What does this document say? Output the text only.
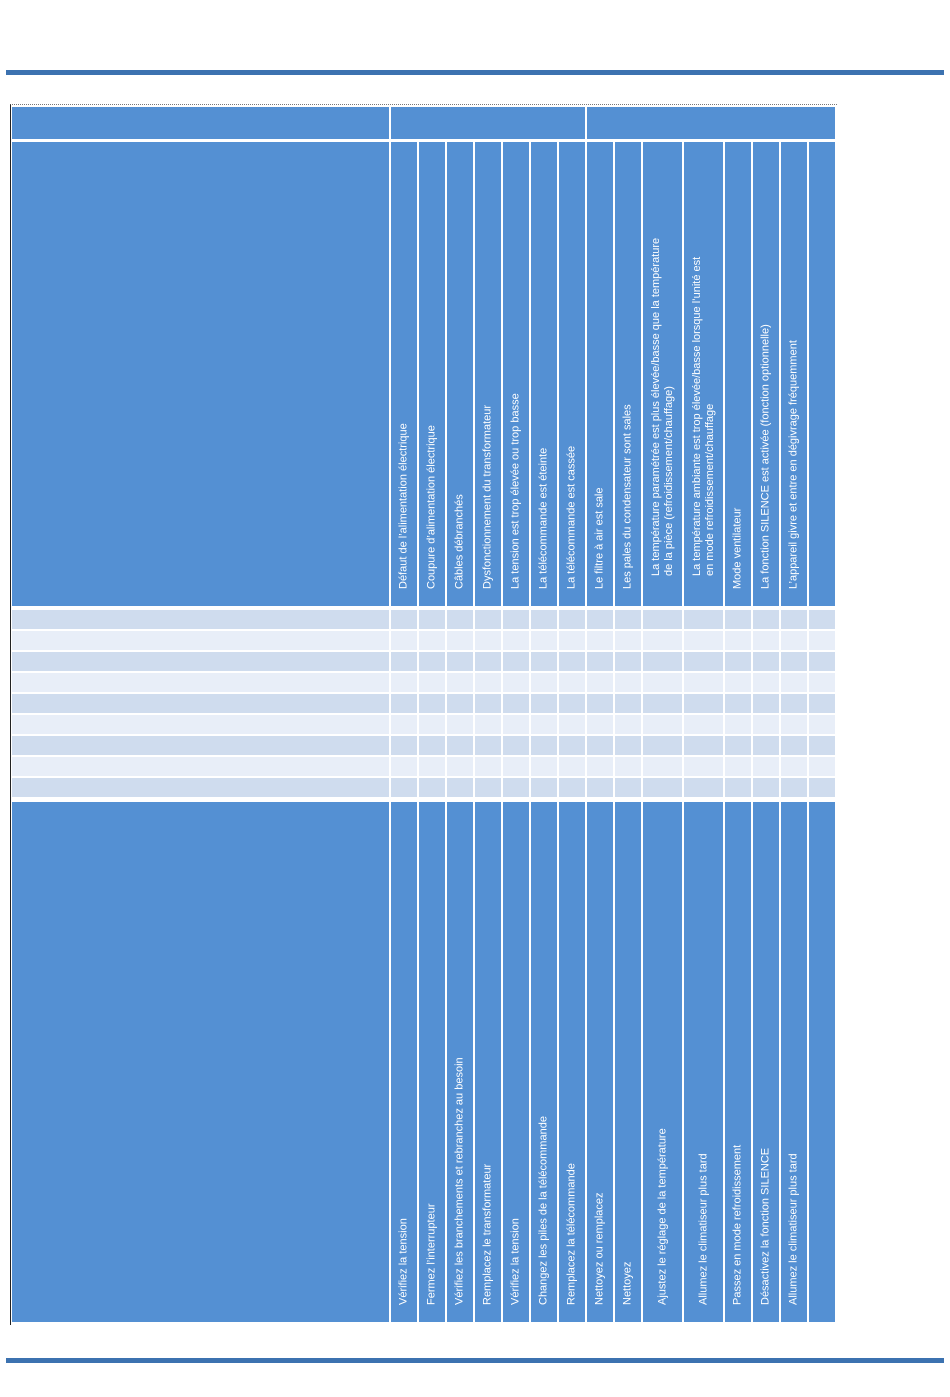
Défaut de l’alimentation électrique Coupure d’alimentation électrique Câbles débranchés Dysfonctionnement du transformateur La tension est trop élevée ou trop basse La télécommande est éteinte La télécommande est cassée Le filtre à air est sale Les pales du condensateur sont sales La température paramétrée est plus élevée/basse que la température
de la pièce (refroidissement/chauffage)
La température ambiante est trop élevée/basse lorsque l’unité est
en mode refroidissement/chauffage
Mode ventilateur La fonction SILENCE est activée (fonction optionnelle) L’appareil givre et entre en dégivrage fréquemment
Vérifiez la tension Fermez l’interrupteur Vérifiez les branchements et rebranchez au besoin Remplacez le transformateur Vérifiez la tension Changez les piles de la télécommande Remplacez la télécommande Nettoyez ou remplacez Nettoyez Ajustez le réglage de la température	Allumez le climatiseur plus tard Passez en mode refroidissement Désactivez la fonction SILENCE Allumez le climatiseur plus tard
